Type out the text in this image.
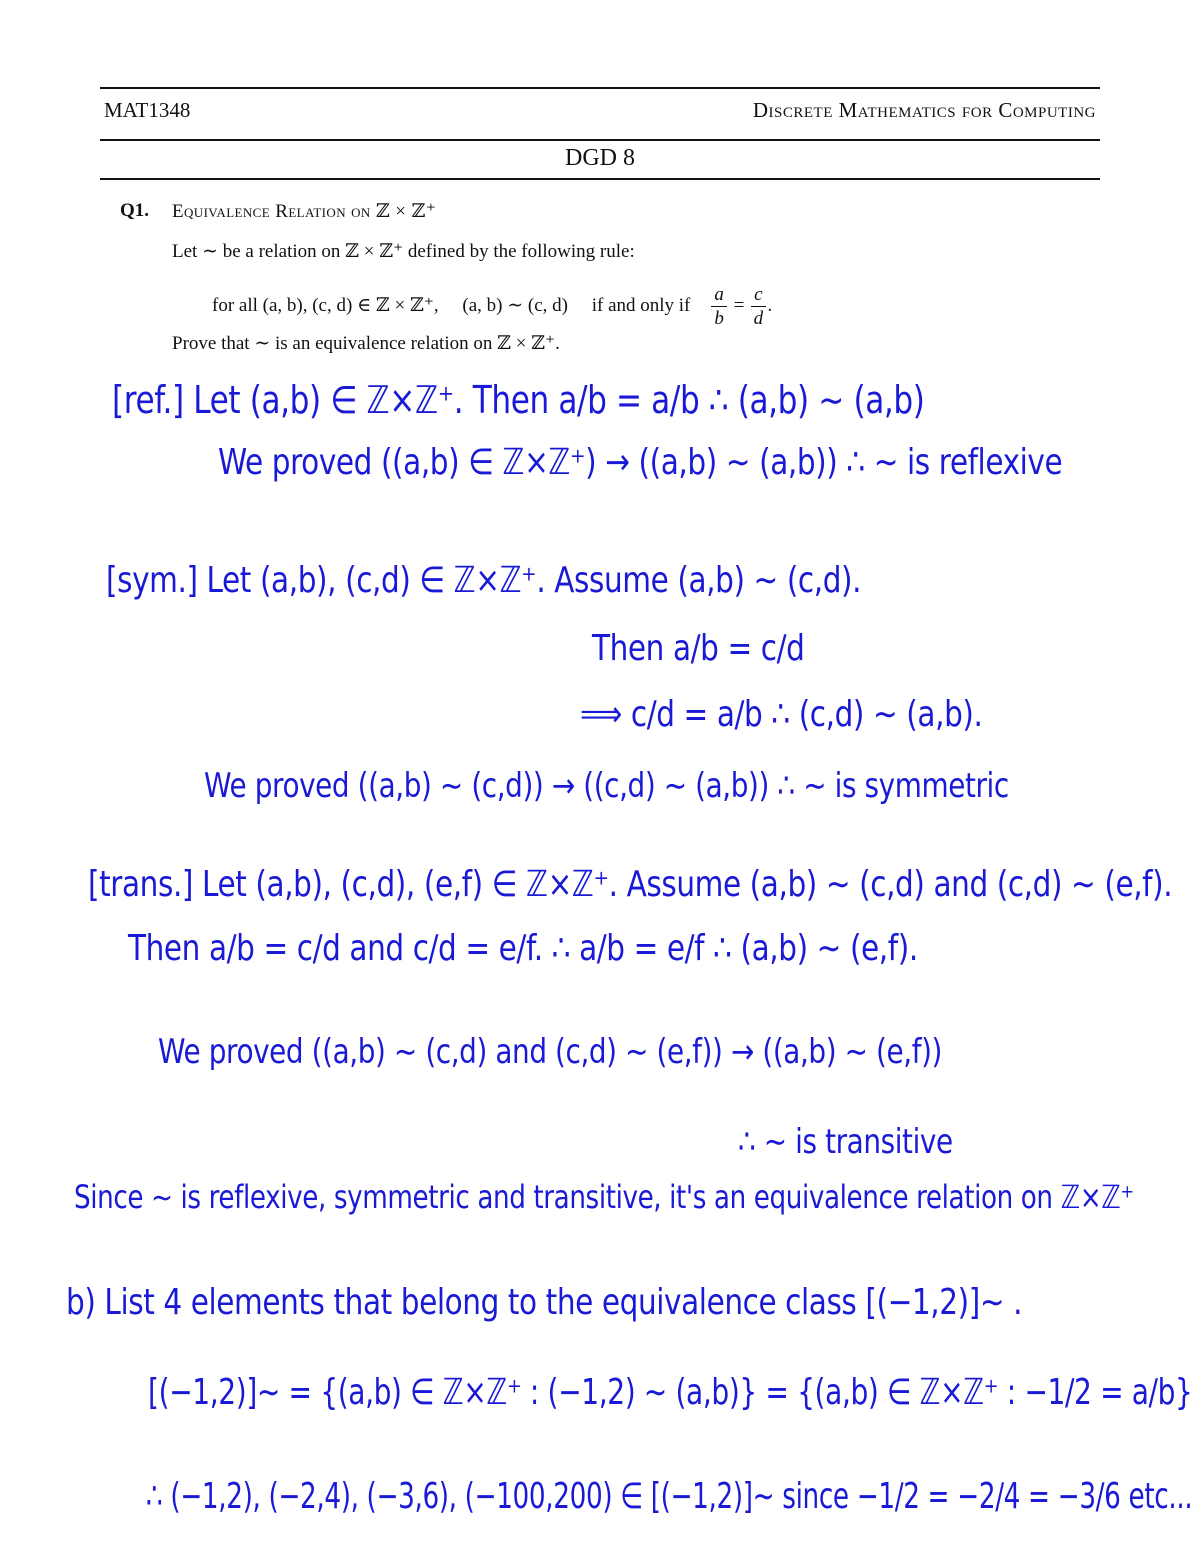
MAT1348	Discrete Mathematics for Computing
DGD 8
Q1. Equivalence Relation on ℤ × ℤ⁺
Let ∼ be a relation on ℤ × ℤ⁺ defined by the following rule:
for all (a, b), (c, d) ∈ ℤ × ℤ⁺,     (a, b) ∼ (c, d)     if and only if $\frac{a}{b} = \frac{c}{d}$ .
Prove that ∼ is an equivalence relation on ℤ × ℤ⁺.
[ref.] Let (a,b) ∈ ℤ×ℤ⁺. Then a/b = a/b ∴ (a,b) ∼ (a,b)
We proved ((a,b) ∈ ℤ×ℤ⁺) → ((a,b) ∼ (a,b)) ∴ ∼ is reflexive
[sym.] Let (a,b), (c,d) ∈ ℤ×ℤ⁺. Assume (a,b) ∼ (c,d).
Then a/b = c/d
⟹ c/d = a/b ∴ (c,d) ∼ (a,b).
We proved ((a,b) ∼ (c,d)) → ((c,d) ∼ (a,b)) ∴ ∼ is symmetric
[trans.] Let (a,b), (c,d), (e,f) ∈ ℤ×ℤ⁺. Assume (a,b) ∼ (c,d) and (c,d) ∼ (e,f).
Then a/b = c/d and c/d = e/f. ∴ a/b = e/f ∴ (a,b) ∼ (e,f).
We proved ((a,b) ∼ (c,d) and (c,d) ∼ (e,f)) → ((a,b) ∼ (e,f))
∴ ∼ is transitive
Since ∼ is reflexive, symmetric and transitive, it's an equivalence relation on ℤ×ℤ⁺
b) List 4 elements that belong to the equivalence class [(−1,2)]∼ .
[(−1,2)]∼ = {(a,b) ∈ ℤ×ℤ⁺ : (−1,2) ∼ (a,b)} = {(a,b) ∈ ℤ×ℤ⁺ : −1/2 = a/b}
∴ (−1,2), (−2,4), (−3,6), (−100,200) ∈ [(−1,2)]∼ since −1/2 = −2/4 = −3/6 etc...
